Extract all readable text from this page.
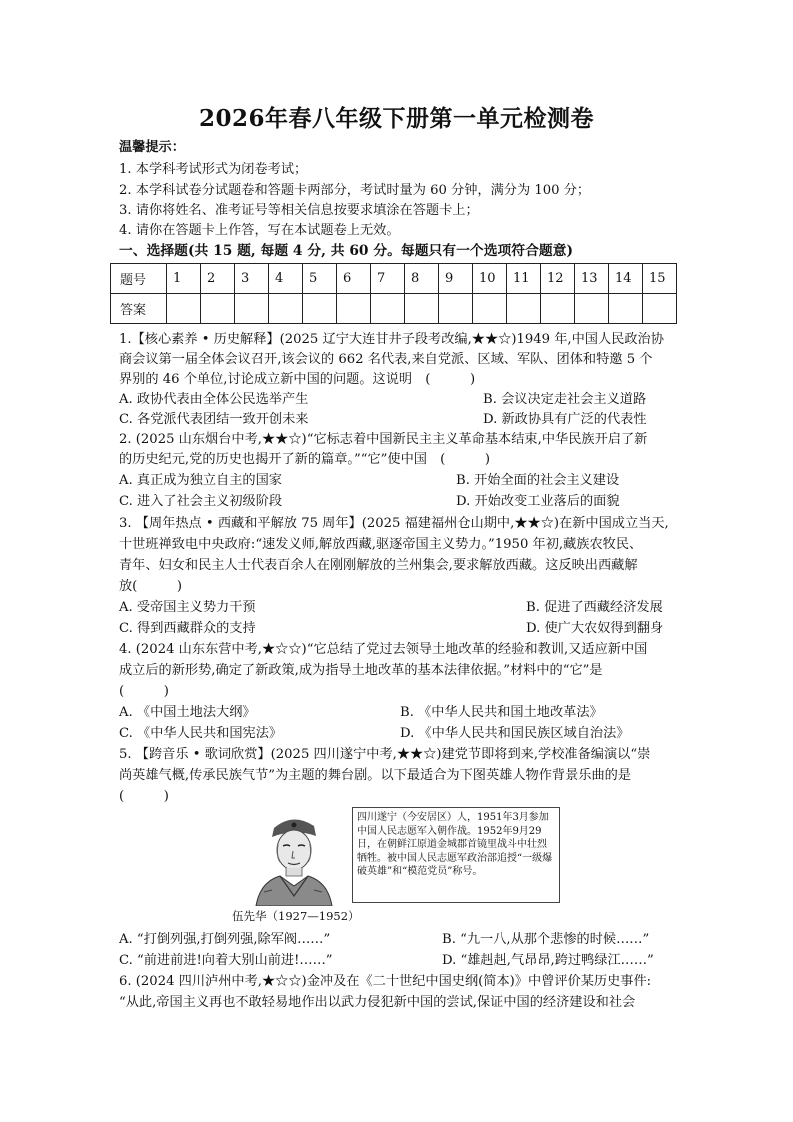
2026年春八年级下册第一单元检测卷
温馨提示：
1. 本学科考试形式为闭卷考试；
2. 本学科试卷分试题卷和答题卡两部分，考试时量为 60 分钟，满分为 100 分；
3. 请你将姓名、准考证号等相关信息按要求填涂在答题卡上；
4. 请你在答题卡上作答，写在本试题卷上无效。
一、选择题(共 15 题, 每题 4 分, 共 60 分。每题只有一个选项符合题意)
题号	1	2	3	4	5	6	7	8	9	10	11	12	13	14	15
答案															
1.【核心素养 • 历史解释】(2025 辽宁大连甘井子段考改编,★★☆)1949 年,中国人民政治协
商会议第一届全体会议召开,该会议的 662 名代表,来自党派、区域、军队、团体和特邀 5 个
界别的 46 个单位,讨论成立新中国的问题。这说明　(　　　)
A. 政协代表由全体公民选举产生	B. 会议决定走社会主义道路
C. 各党派代表团结一致开创未来	D. 新政协具有广泛的代表性
2. (2025 山东烟台中考,★★☆)“它标志着中国新民主主义革命基本结束,中华民族开启了新
的历史纪元,党的历史也揭开了新的篇章。”“它”使中国　(　　　)
A. 真正成为独立自主的国家	B. 开始全面的社会主义建设
C. 进入了社会主义初级阶段	D. 开始改变工业落后的面貌
3. 【周年热点 • 西藏和平解放 75 周年】(2025 福建福州仓山期中,★★☆)在新中国成立当天,
十世班禅致电中央政府:“速发义师,解放西藏,驱逐帝国主义势力。”1950 年初,藏族农牧民、
青年、妇女和民主人士代表百余人在刚刚解放的兰州集会,要求解放西藏。这反映出西藏解
放(　　　)
A. 受帝国主义势力干预	B. 促进了西藏经济发展
C. 得到西藏群众的支持	D. 使广大农奴得到翻身
4. (2024 山东东营中考,★☆☆)“它总结了党过去领导土地改革的经验和教训,又适应新中国
成立后的新形势,确定了新政策,成为指导土地改革的基本法律依据。”材料中的“它”是
(　　　)
A. 《中国土地法大纲》	B. 《中华人民共和国土地改革法》
C. 《中华人民共和国宪法》	D. 《中华人民共和国民族区域自治法》
5. 【跨音乐 • 歌词欣赏】(2025 四川遂宁中考,★★☆)建党节即将到来,学校准备编演以“崇
尚英雄气概,传承民族气节”为主题的舞台剧。以下最适合为下图英雄人物作背景乐曲的是
(　　　)
伍先华（1927—1952）
四川遂宁（今安居区）人，1951年3月参加中国人民志愿军入朝作战。1952年9月29日，在朝鲜江原道金城郡首镜里战斗中壮烈牺牲。被中国人民志愿军政治部追授“一级爆破英雄”和“模范党员”称号。
A. “打倒列强,打倒列强,除军阀……”	B. “九一八,从那个悲惨的时候……”
C. “前进前进!向着大别山前进!……”	D. “雄赳赳,气昂昂,跨过鸭绿江……”
6. (2024 四川泸州中考,★☆☆)金冲及在《二十世纪中国史纲(简本)》中曾评价某历史事件:
“从此,帝国主义再也不敢轻易地作出以武力侵犯新中国的尝试,保证中国的经济建设和社会
